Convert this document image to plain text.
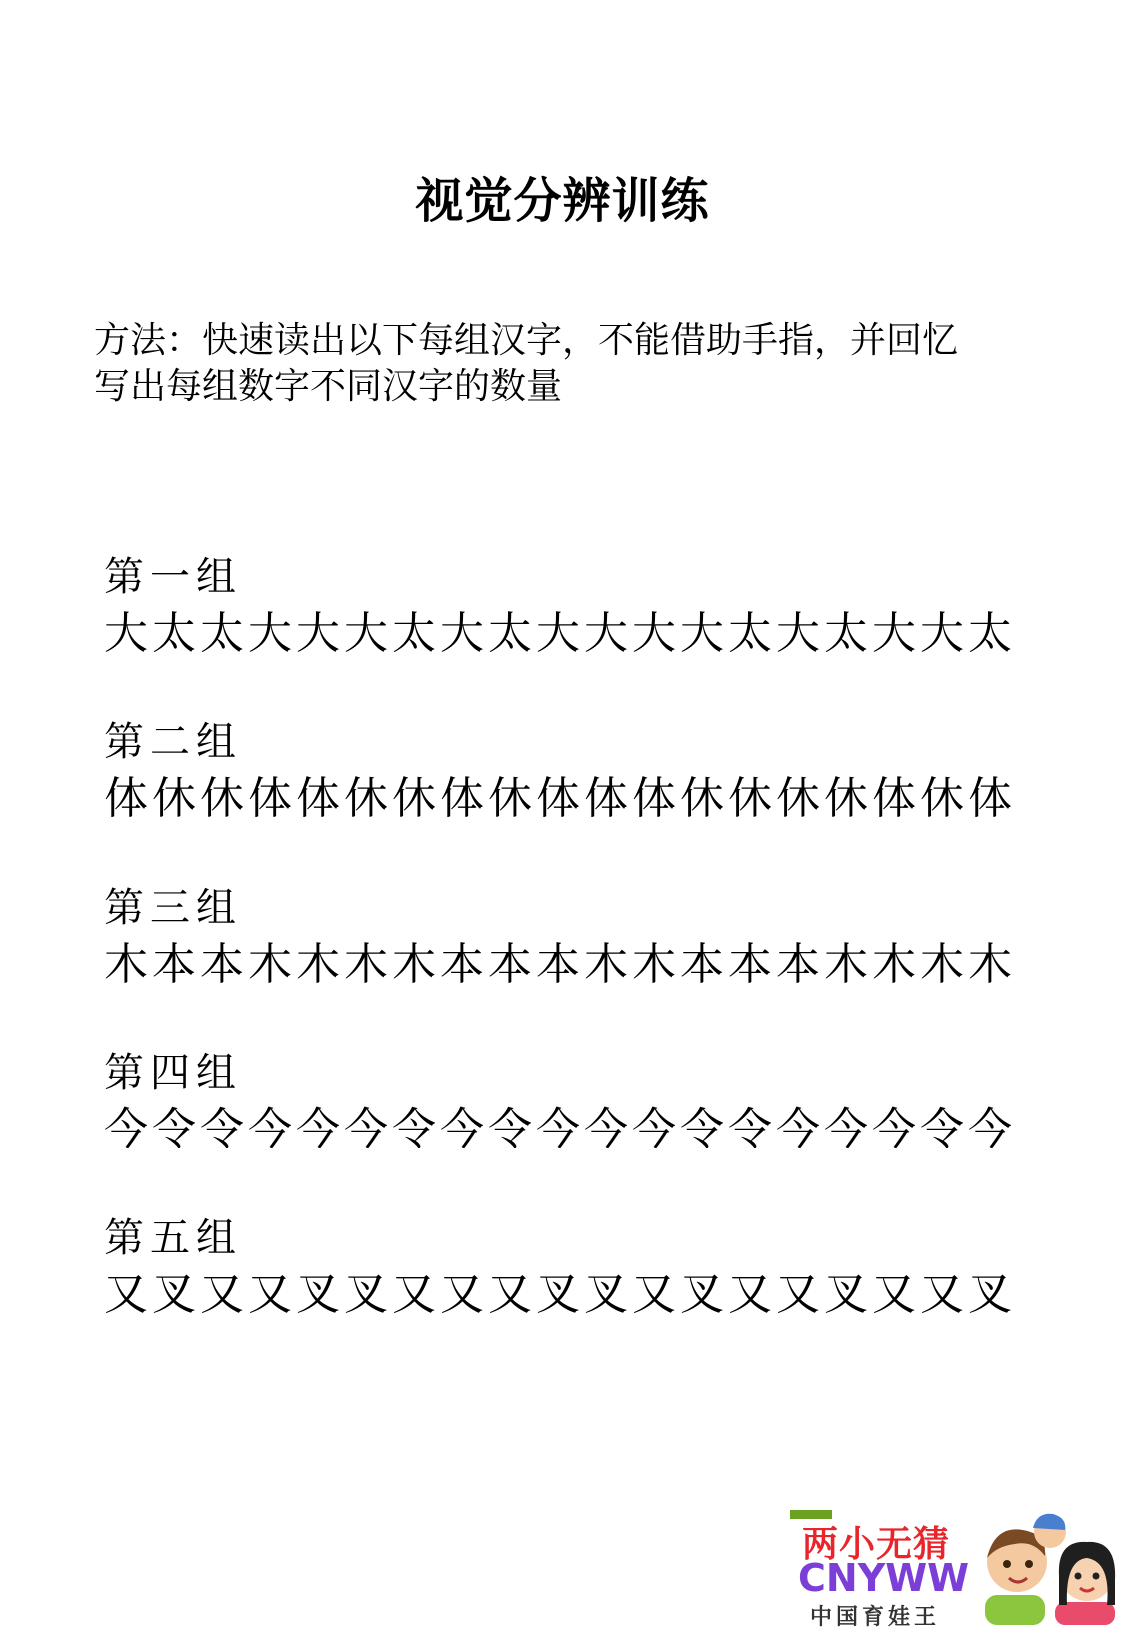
视觉分辨训练
方法：快速读出以下每组汉字，不能借助手指，并回忆
写出每组数字不同汉字的数量
第一组
大 太 太 大 大 大 太 大 太 大 大 大 大 太 大 太 大 大 太
第二组
体 休 休 体 体 休 休 体 休 体 体 体 休 休 休 休 体 休 体
第三组
木 本 本 木 木 木 木 本 本 本 木 木 本 本 本 木 木 木 木
第四组
今 令 令 今 今 今 令 今 令 今 今 今 令 令 今 今 今 令 今
第五组
又 叉 又 又 叉 叉 又 又 又 叉 叉 又 叉 又 又 叉 又 又 叉
两小无猜
CNYWW
中国育娃王
